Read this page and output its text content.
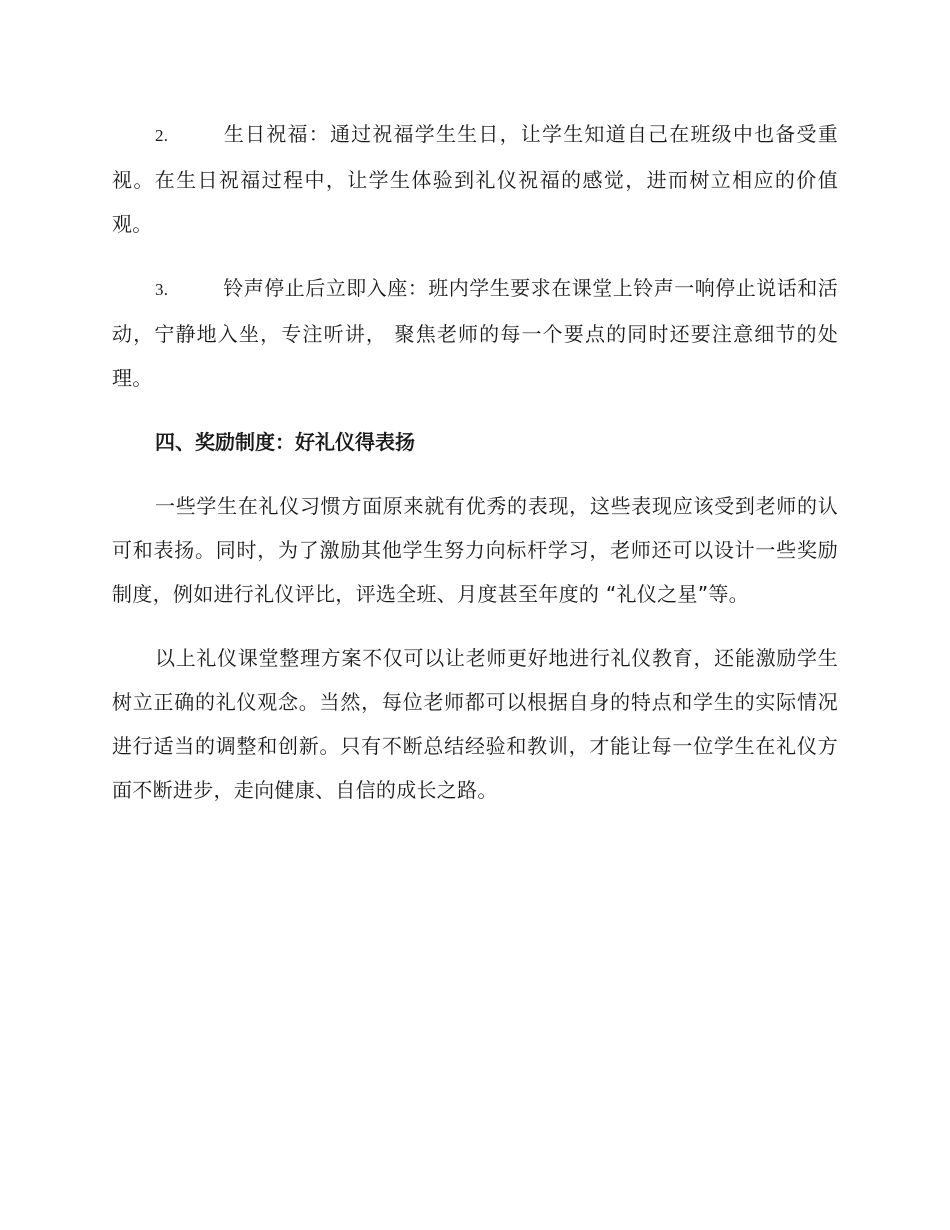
2.	生日祝福：通过祝福学生生日，让学生知道自己在班级中也备受重视。在生日祝福过程中，让学生体验到礼仪祝福的感觉，进而树立相应的价值观。

3.	铃声停止后立即入座：班内学生要求在课堂上铃声一响停止说话和活动，宁静地入坐，专注听讲， 聚焦老师的每一个要点的同时还要注意细节的处理。

四、奖励制度：好礼仪得表扬

一些学生在礼仪习惯方面原来就有优秀的表现，这些表现应该受到老师的认可和表扬。同时，为了激励其他学生努力向标杆学习，老师还可以设计一些奖励制度，例如进行礼仪评比，评选全班、月度甚至年度的 “礼仪之星”等。

以上礼仪课堂整理方案不仅可以让老师更好地进行礼仪教育，还能激励学生树立正确的礼仪观念。当然，每位老师都可以根据自身的特点和学生的实际情况进行适当的调整和创新。只有不断总结经验和教训，才能让每一位学生在礼仪方面不断进步，走向健康、自信的成长之路。
